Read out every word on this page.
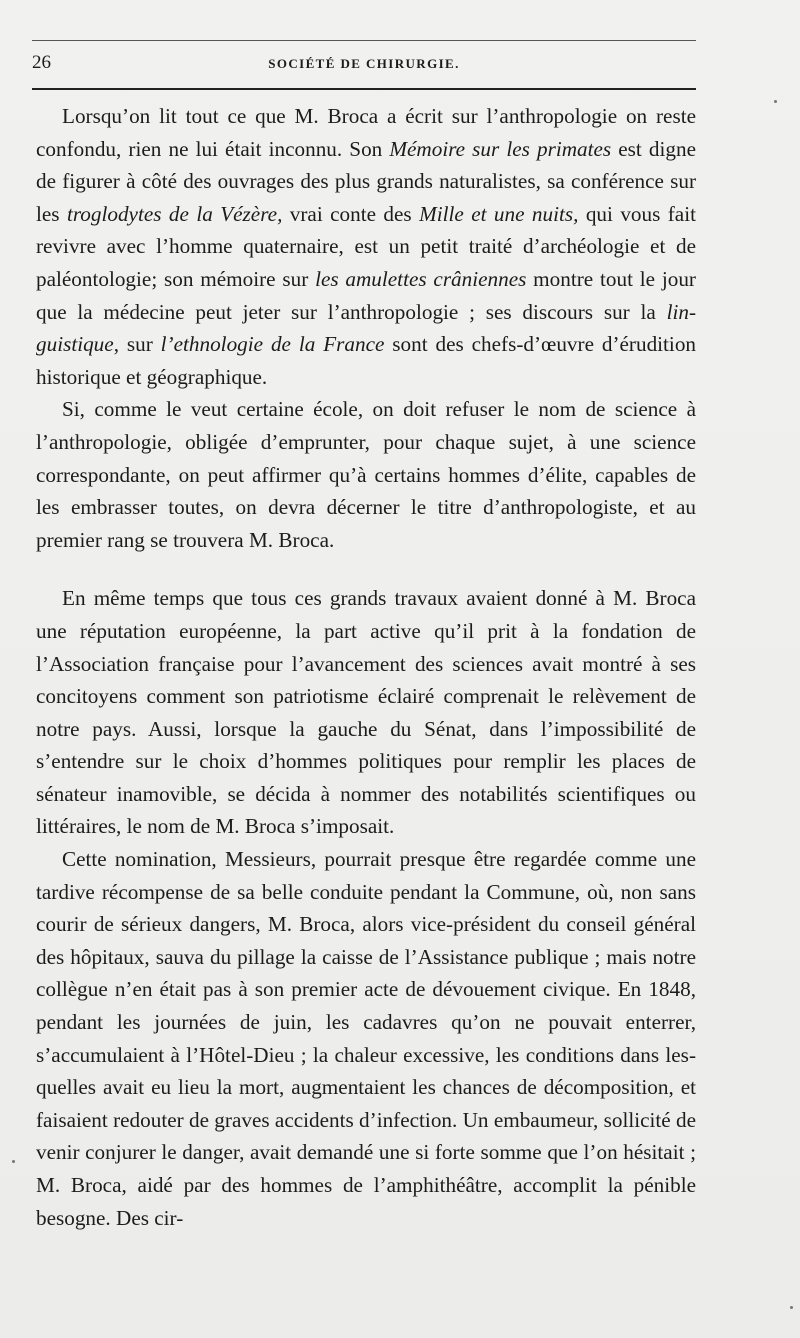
26	SOCIÉTÉ DE CHIRURGIE.

Lorsqu’on lit tout ce que M. Broca a écrit sur l’anthropologie on reste confondu, rien ne lui était inconnu. Son Mémoire sur les primates est digne de figurer à côté des ouvrages des plus grands naturalistes, sa conférence sur les troglodytes de la Vézère, vrai conte des Mille et une nuits, qui vous fait revivre avec l’homme quaternaire, est un petit traité d’archéologie et de paléontologie; son mémoire sur les amulettes crâniennes montre tout le jour que la médecine peut jeter sur l’anthropologie ; ses discours sur la linguistique, sur l’ethnologie de la France sont des chefs-d’œuvre d’érudition historique et géographique.

Si, comme le veut certaine école, on doit refuser le nom de science à l’anthropologie, obligée d’emprunter, pour chaque sujet, à une science correspondante, on peut affirmer qu’à certains hommes d’élite, capables de les embrasser toutes, on devra décerner le titre d’anthropologiste, et au premier rang se trouvera M. Broca.

En même temps que tous ces grands travaux avaient donné à M. Broca une réputation européenne, la part active qu’il prit à la fondation de l’Association française pour l’avancement des sciences avait montré à ses concitoyens comment son patriotisme éclairé comprenait le relèvement de notre pays. Aussi, lorsque la gauche du Sénat, dans l’impossibilité de s’entendre sur le choix d’hommes politiques pour remplir les places de sénateur inamovible, se décida à nommer des notabilités scientifiques ou littéraires, le nom de M. Broca s’imposait.

Cette nomination, Messieurs, pourrait presque être regardée comme une tardive récompense de sa belle conduite pendant la Commune, où, non sans courir de sérieux dangers, M. Broca, alors vice-président du conseil général des hôpitaux, sauva du pillage la caisse de l’Assistance publique ; mais notre collègue n’en était pas à son premier acte de dévouement civique. En 1848, pendant les journées de juin, les cadavres qu’on ne pouvait enterrer, s’accumulaient à l’Hôtel-Dieu ; la chaleur excessive, les conditions dans lesquelles avait eu lieu la mort, augmentaient les chances de décomposition, et faisaient redouter de graves accidents d’infection. Un embaumeur, sollicité de venir conjurer le danger, avait demandé une si forte somme que l’on hésitait ; M. Broca, aidé par des hommes de l’amphithéâtre, accomplit la pénible besogne. Des cir-
